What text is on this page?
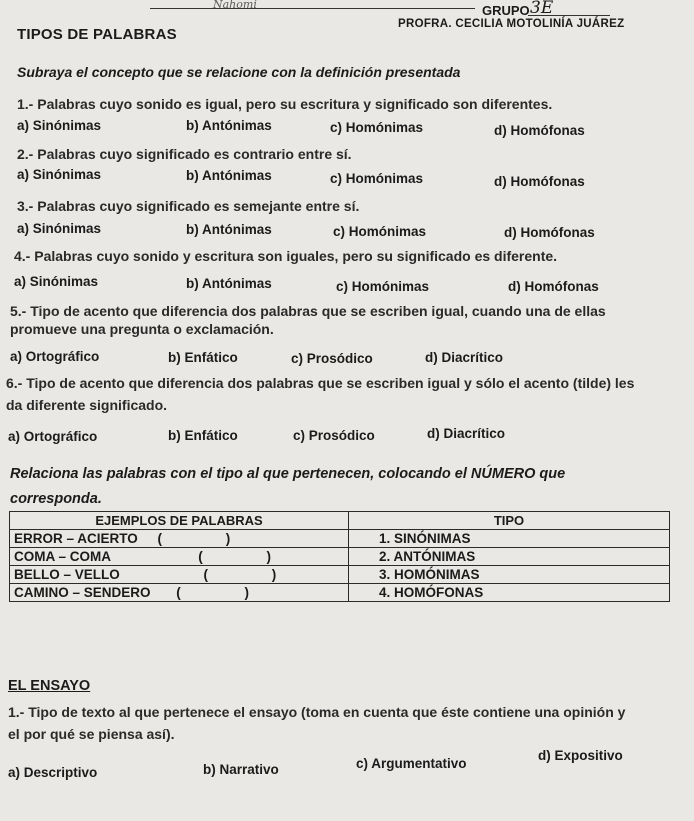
Nahomi	GRUPO 3E
PROFRA. CECILIA MOTOLINÍA JUÁREZ
TIPOS DE PALABRAS
Subraya el concepto que se relacione con la definición presentada
1.- Palabras cuyo sonido es igual, pero su escritura y significado son diferentes.
a) Sinónimas	b) Antónimas	c) Homónimas	d) Homófonas
2.- Palabras cuyo significado es contrario entre sí.
a) Sinónimas	b) Antónimas	c) Homónimas	d) Homófonas
3.- Palabras cuyo significado es semejante entre sí.
a) Sinónimas	b) Antónimas	c) Homónimas	d) Homófonas
4.- Palabras cuyo sonido y escritura son iguales, pero su significado es diferente.
a) Sinónimas	b) Antónimas	c) Homónimas	d) Homófonas
5.- Tipo de acento que diferencia dos palabras que se escriben igual, cuando una de ellas
promueve una pregunta o exclamación.
a) Ortográfico	b) Enfático	c) Prosódico	d) Diacrítico
6.- Tipo de acento que diferencia dos palabras que se escriben igual y sólo el acento (tilde) les
da diferente significado.
a) Ortográfico	b) Enfático	c) Prosódico	d) Diacrítico
Relaciona las palabras con el tipo al que pertenecen, colocando el NÚMERO que
corresponda.
EJEMPLOS DE PALABRAS	TIPO
ERROR – ACIERTO ( )	1. SINÓNIMAS
COMA – COMA ( )	2. ANTÓNIMAS
BELLO – VELLO ( )	3. HOMÓNIMAS
CAMINO – SENDERO ( )	4. HOMÓFONAS
EL ENSAYO
1.- Tipo de texto al que pertenece el ensayo (toma en cuenta que éste contiene una opinión y
el por qué se piensa así).
a) Descriptivo	b) Narrativo	c) Argumentativo
d) Expositivo
